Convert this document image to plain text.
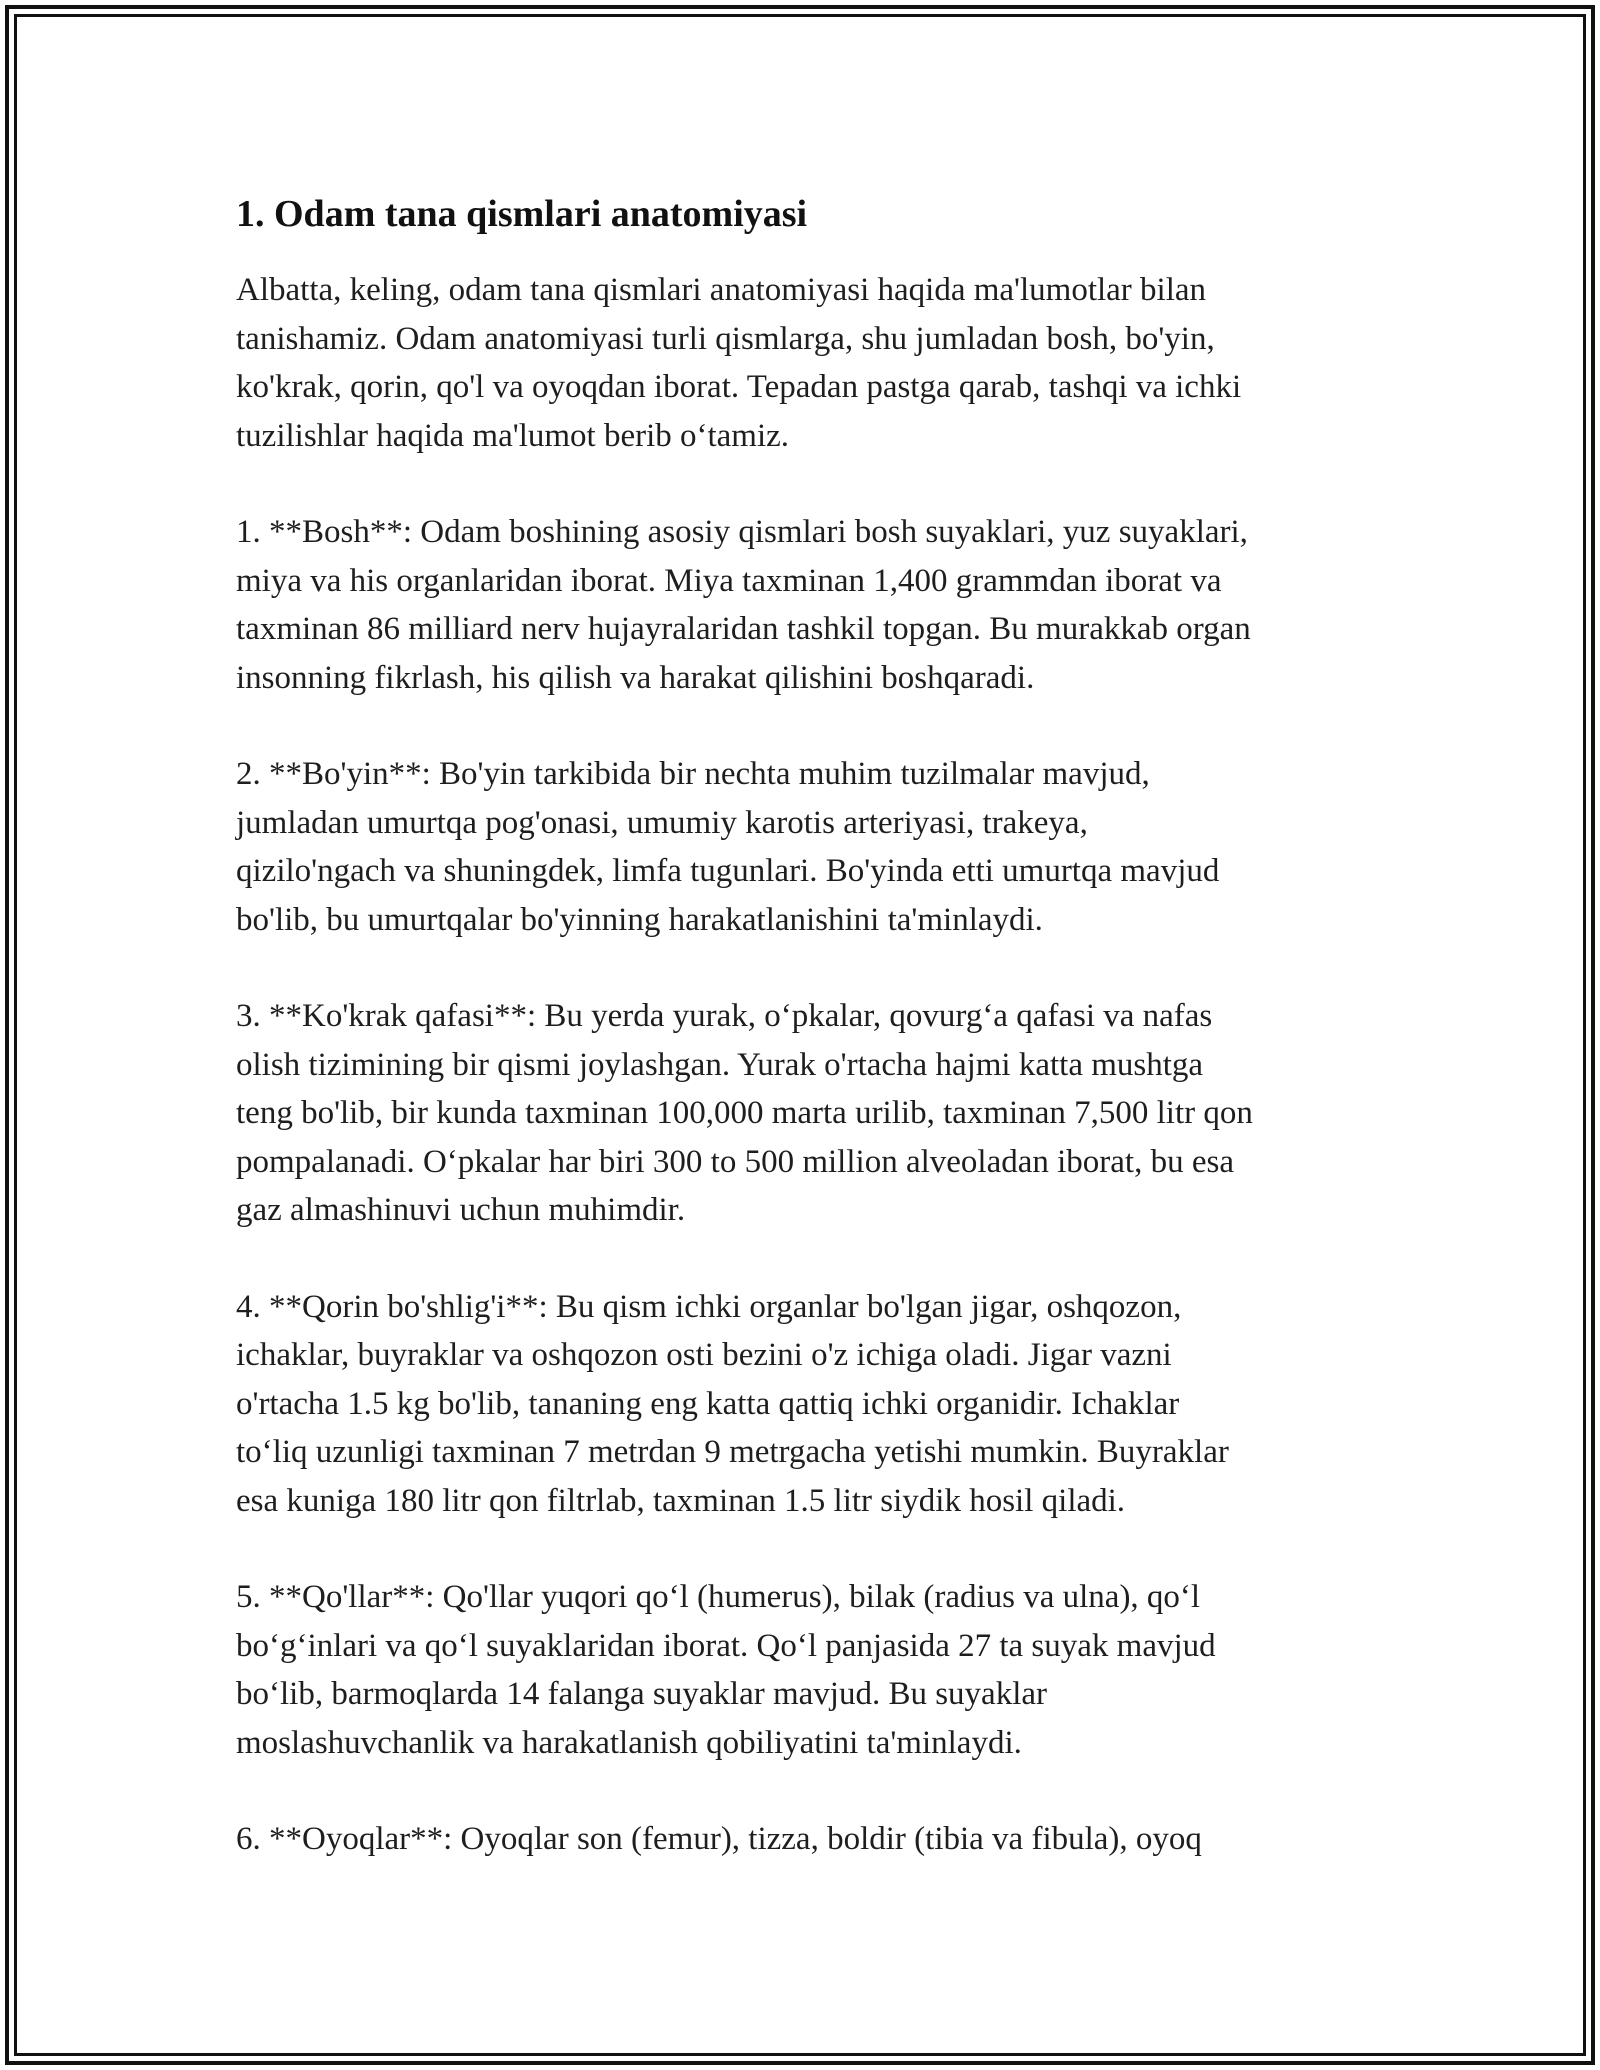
1. Odam tana qismlari anatomiyasi

Albatta, keling, odam tana qismlari anatomiyasi haqida ma'lumotlar bilan
tanishamiz. Odam anatomiyasi turli qismlarga, shu jumladan bosh, bo'yin,
ko'krak, qorin, qo'l va oyoqdan iborat. Tepadan pastga qarab, tashqi va ichki
tuzilishlar haqida ma'lumot berib o‘tamiz.

1. **Bosh**: Odam boshining asosiy qismlari bosh suyaklari, yuz suyaklari,
miya va his organlaridan iborat. Miya taxminan 1,400 grammdan iborat va
taxminan 86 milliard nerv hujayralaridan tashkil topgan. Bu murakkab organ
insonning fikrlash, his qilish va harakat qilishini boshqaradi.

2. **Bo'yin**: Bo'yin tarkibida bir nechta muhim tuzilmalar mavjud,
jumladan umurtqa pog'onasi, umumiy karotis arteriyasi, trakeya,
qizilo'ngach va shuningdek, limfa tugunlari. Bo'yinda etti umurtqa mavjud
bo'lib, bu umurtqalar bo'yinning harakatlanishini ta'minlaydi.

3. **Ko'krak qafasi**: Bu yerda yurak, o‘pkalar, qovurg‘a qafasi va nafas
olish tizimining bir qismi joylashgan. Yurak o'rtacha hajmi katta mushtga
teng bo'lib, bir kunda taxminan 100,000 marta urilib, taxminan 7,500 litr qon
pompalanadi. O‘pkalar har biri 300 to 500 million alveoladan iborat, bu esa
gaz almashinuvi uchun muhimdir.

4. **Qorin bo'shlig'i**: Bu qism ichki organlar bo'lgan jigar, oshqozon,
ichaklar, buyraklar va oshqozon osti bezini o'z ichiga oladi. Jigar vazni
o'rtacha 1.5 kg bo'lib, tananing eng katta qattiq ichki organidir. Ichaklar
to‘liq uzunligi taxminan 7 metrdan 9 metrgacha yetishi mumkin. Buyraklar
esa kuniga 180 litr qon filtrlab, taxminan 1.5 litr siydik hosil qiladi.

5. **Qo'llar**: Qo'llar yuqori qo‘l (humerus), bilak (radius va ulna), qo‘l
bo‘g‘inlari va qo‘l suyaklaridan iborat. Qo‘l panjasida 27 ta suyak mavjud
bo‘lib, barmoqlarda 14 falanga suyaklar mavjud. Bu suyaklar
moslashuvchanlik va harakatlanish qobiliyatini ta'minlaydi.

6. **Oyoqlar**: Oyoqlar son (femur), tizza, boldir (tibia va fibula), oyoq
